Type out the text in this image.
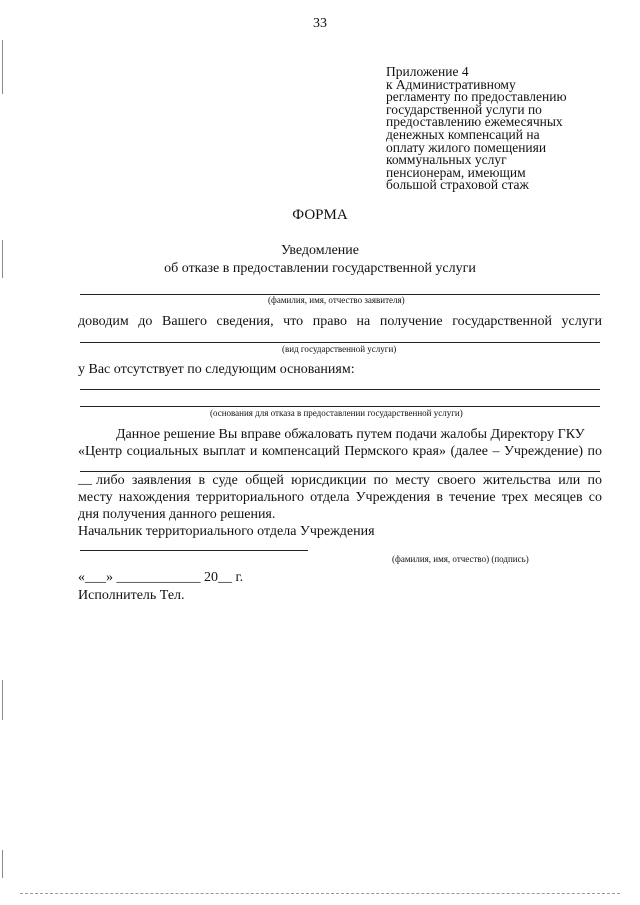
33
Приложение 4
к Административному
регламенту по предоставлению
государственной услуги по
предоставлению ежемесячных
денежных компенсаций на
оплату жилого помещенияи
коммунальных услуг
пенсионерам, имеющим
большой страховой стаж
ФОРМА
Уведомление
об отказе в предоставлении государственной услуги
(фамилия, имя, отчество заявителя)
доводим до Вашего сведения, что право на получение государственной услуги
(вид государственной услуги)
у Вас отсутствует по следующим основаниям:
(основания для отказа в предоставлении государственной услуги)
Данное решение Вы вправе обжаловать путем подачи жалобы Директору ГКУ
«Центр социальных выплат и компенсаций Пермского края» (далее – Учреждение) по
__ либо заявления в суде общей юрисдикции по месту своего жительства или по
месту нахождения территориального отдела Учреждения в течение трех месяцев со
дня получения данного решения.
Начальник территориального отдела Учреждения
(фамилия, имя, отчество) (подпись)
«___» ____________ 20__ г.
Исполнитель Тел.
